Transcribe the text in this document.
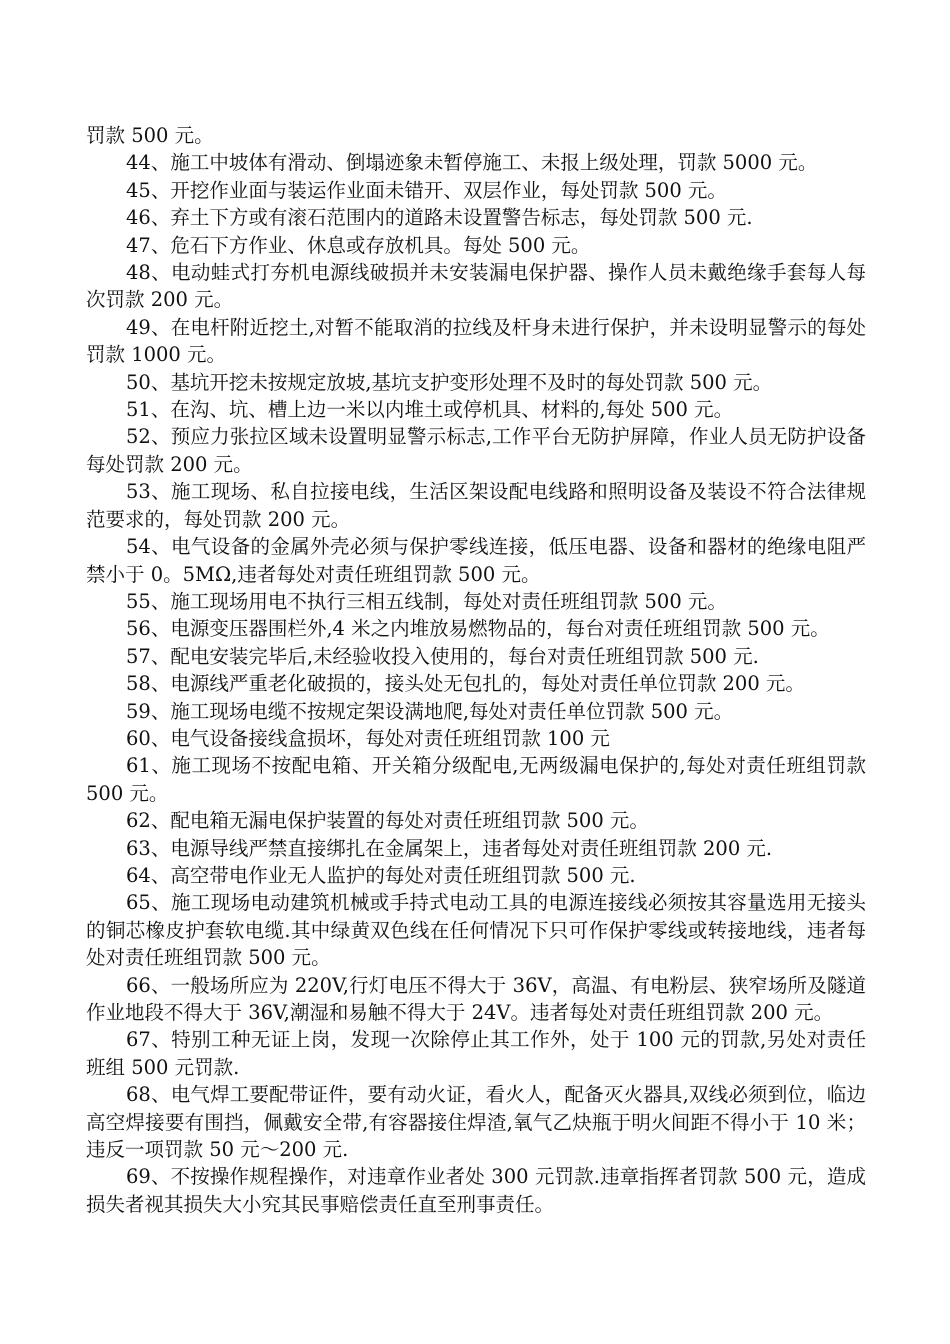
罚款 500 元。

44、施工中坡体有滑动、倒塌迹象未暂停施工、未报上级处理，罚款 5000 元。

45、开挖作业面与装运作业面未错开、双层作业，每处罚款 500 元。

46、弃土下方或有滚石范围内的道路未设置警告标志，每处罚款 500 元.

47、危石下方作业、休息或存放机具。每处 500 元。

48、电动蛙式打夯机电源线破损并未安装漏电保护器、操作人员未戴绝缘手套每人每次罚款 200 元。

49、在电杆附近挖土,对暂不能取消的拉线及杆身未进行保护，并未设明显警示的每处罚款 1000 元。

50、基坑开挖未按规定放坡,基坑支护变形处理不及时的每处罚款 500 元。

51、在沟、坑、槽上边一米以内堆土或停机具、材料的,每处 500 元。

52、预应力张拉区域未设置明显警示标志,工作平台无防护屏障，作业人员无防护设备每处罚款 200 元。

53、施工现场、私自拉接电线，生活区架设配电线路和照明设备及装设不符合法律规范要求的，每处罚款 200 元。

54、电气设备的金属外壳必须与保护零线连接，低压电器、设备和器材的绝缘电阻严禁小于 0。5MΩ,违者每处对责任班组罚款 500 元。

55、施工现场用电不执行三相五线制，每处对责任班组罚款 500 元。

56、电源变压器围栏外,4 米之内堆放易燃物品的，每台对责任班组罚款 500 元。

57、配电安装完毕后,未经验收投入使用的，每台对责任班组罚款 500 元.

58、电源线严重老化破损的，接头处无包扎的，每处对责任单位罚款 200 元。

59、施工现场电缆不按规定架设满地爬,每处对责任单位罚款 500 元。

60、电气设备接线盒损坏，每处对责任班组罚款 100 元

61、施工现场不按配电箱、开关箱分级配电,无两级漏电保护的,每处对责任班组罚款 500 元。

62、配电箱无漏电保护装置的每处对责任班组罚款 500 元。

63、电源导线严禁直接绑扎在金属架上，违者每处对责任班组罚款 200 元.

64、高空带电作业无人监护的每处对责任班组罚款 500 元.

65、施工现场电动建筑机械或手持式电动工具的电源连接线必须按其容量选用无接头的铜芯橡皮护套软电缆.其中绿黄双色线在任何情况下只可作保护零线或转接地线，违者每处对责任班组罚款 500 元。

66、一般场所应为 220V,行灯电压不得大于 36V，高温、有电粉层、狭窄场所及隧道作业地段不得大于 36V,潮湿和易触不得大于 24V。违者每处对责任班组罚款 200 元。

67、特别工种无证上岗，发现一次除停止其工作外，处于 100 元的罚款,另处对责任班组 500 元罚款.

68、电气焊工要配带证件，要有动火证，看火人，配备灭火器具,双线必须到位，临边高空焊接要有围挡，佩戴安全带,有容器接住焊渣,氧气乙炔瓶于明火间距不得小于 10 米；违反一项罚款 50 元～200 元.

69、不按操作规程操作，对违章作业者处 300 元罚款.违章指挥者罚款 500 元，造成损失者视其损失大小究其民事赔偿责任直至刑事责任。
